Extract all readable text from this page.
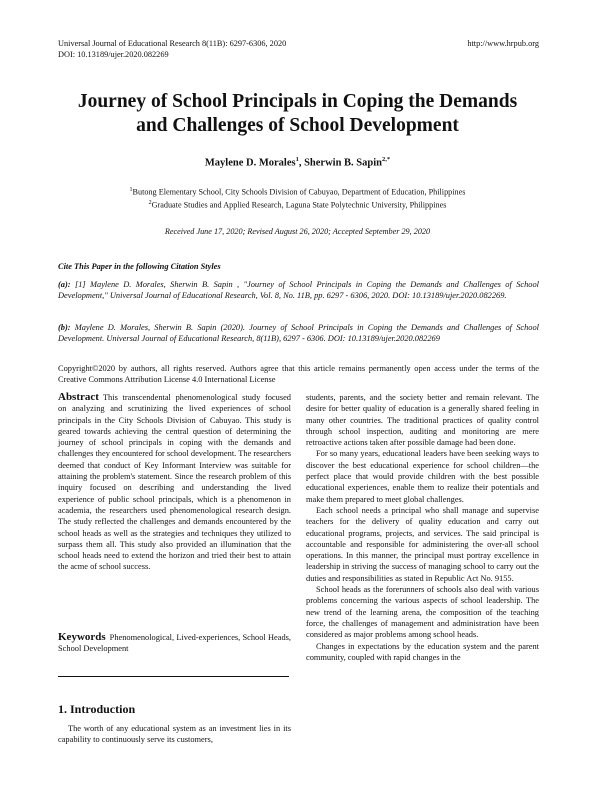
Universal Journal of Educational Research 8(11B): 6297-6306, 2020
DOI: 10.13189/ujer.2020.082269
http://www.hrpub.org
Journey of School Principals in Coping the Demands
and Challenges of School Development
Maylene D. Morales$^1$, Sherwin B. Sapin$^{2,*}$
$^1$Butong Elementary School, City Schools Division of Cabuyao, Department of Education, Philippines
$^2$Graduate Studies and Applied Research, Laguna State Polytechnic University, Philippines
Received June 17, 2020; Revised August 26, 2020; Accepted September 29, 2020
Cite This Paper in the following Citation Styles
(a): [1] Maylene D. Morales, Sherwin B. Sapin , "Journey of School Principals in Coping the Demands and Challenges of School Development," Universal Journal of Educational Research, Vol. 8, No. 11B, pp. 6297 - 6306, 2020. DOI: 10.13189/ujer.2020.082269.
(b): Maylene D. Morales, Sherwin B. Sapin (2020). Journey of School Principals in Coping the Demands and Challenges of School Development. Universal Journal of Educational Research, 8(11B), 6297 - 6306. DOI: 10.13189/ujer.2020.082269
Copyright©2020 by authors, all rights reserved. Authors agree that this article remains permanently open access under the terms of the Creative Commons Attribution License 4.0 International License
Abstract This transcendental phenomenological study focused on analyzing and scrutinizing the lived experiences of school principals in the City Schools Division of Cabuyao. This study is geared towards achieving the central question of determining the journey of school principals in coping with the demands and challenges they encountered for school development. The researchers deemed that conduct of Key Informant Interview was suitable for attaining the problem's statement. Since the research problem of this inquiry focused on describing and understanding the lived experience of public school principals, which is a phenomenon in academia, the researchers used phenomenological research design. The study reflected the challenges and demands encountered by the school heads as well as the strategies and techniques they utilized to surpass them all. This study also provided an illumination that the school heads need to extend the horizon and tried their best to attain the acme of school success.
Keywords Phenomenological, Lived-experiences, School Heads, School Development
1. Introduction

The worth of any educational system as an investment lies in its capability to continuously serve its customers,

students, parents, and the society better and remain relevant. The desire for better quality of education is a generally shared feeling in many other countries. The traditional practices of quality control through school inspection, auditing and monitoring are mere retroactive actions taken after possible damage had been done.

For so many years, educational leaders have been seeking ways to discover the best educational experience for school children—the perfect place that would provide children with the best possible educational experiences, enable them to realize their potentials and make them prepared to meet global challenges.

Each school needs a principal who shall manage and supervise teachers for the delivery of quality education and carry out educational programs, projects, and services. The said principal is accountable and responsible for administering the over-all school operations. In this manner, the principal must portray excellence in leadership in striving the success of managing school to carry out the duties and responsibilities as stated in Republic Act No. 9155.

School heads as the forerunners of schools also deal with various problems concerning the various aspects of school leadership. The new trend of the learning arena, the composition of the teaching force, the challenges of management and administration have been considered as major problems among school heads.

Changes in expectations by the education system and the parent community, coupled with rapid changes in the
